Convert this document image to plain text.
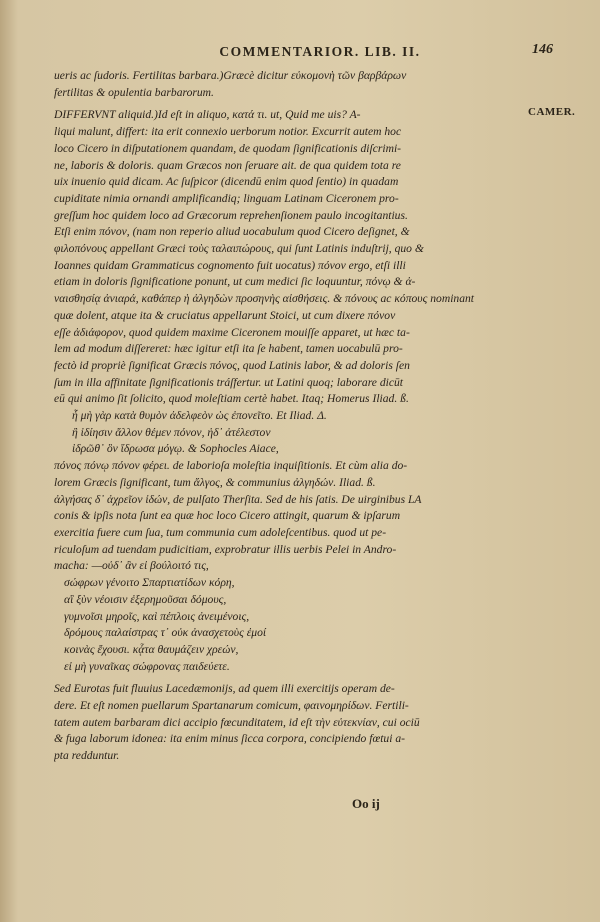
COMMENTARIOR. LIB. II.	146
CAMER.
ueris ac ſudoris. Fertilitas barbara.)Græcè dicitur εὐκομονὴ τῶν βαρβάρων
fertilitas & opulentia barbarorum.
DIFFERVNT aliquid.)Id eſt in aliquo, κατά τι. ut, Quid me uis? A-
liqui malunt, differt: ita erit connexio uerborum notior. Excurrit autem hoc
loco Cicero in diſputationem quandam, de quodam ſignificationis diſcrimi-
ne, laboris & doloris. quam Græcos non ſeruare ait. de qua quidem tota re
uix inuenio quid dicam. Ac ſuſpicor (dicendū enim quod ſentio) in quadam
cupiditate nimia ornandi amplificandiq; linguam Latinam Ciceronem pro-
greſſum hoc quidem loco ad Græcorum reprehenſionem paulo incogitantius.
Etſi enim πόνον, (nam non reperio aliud uocabulum quod Cicero deſignet, &
φιλοπόνους appellant Græci τοὺς ταλαιπώρους, qui ſunt Latinis induſtrij, quo &
Ioannes quidam Grammaticus cognomento fuit uocatus) πόνον ergo, etſi illi
etiam in doloris ſignificatione ponunt, ut cum medici ſic loquuntur, πόνῳ & ἀ-
ναισθησίᾳ ἀνιαρά, καθάπερ ἡ ἀλγηδὼν προσηνὴς αἰσθήσεις. & πόνους ac κόπους nominant
quæ dolent, atque ita & cruciatus appellarunt Stoici, ut cum dixere πόνον
eſſe ἀδιάφορον, quod quidem maxime Ciceronem mouiſſe apparet, ut hæc ta-
lem ad modum diſſereret: hæc igitur etſi ita ſe habent, tamen uocabulū pro-
fectò id propriè ſignificat Græcis πόνος, quod Latinis labor, & ad doloris ſen
ſum in illa affinitate ſignificationis tráſfertur. ut Latini quoq; laborare dicūt
eū qui animo ſit ſolicito, quod moleſtiam certè habet. Itaq; Homerus Iliad. ß.
ἦ μὴ γὰρ κατὰ θυμὸν ἀδελφεὸν ὡς ἐπονεῖτο. Et Iliad. Δ.
ἢ ἱδίησιν ἄλλον θέμεν πόνον, ἠδ᾽ ἀτέλεστον
ἱδρῶθ᾽ ὃν ἵδρωσα μόγῳ. & Sophocles Aiace,
πόνος πόνῳ πόνον φέρει. de laborioſa moleſtia inquiſitionis. Et cùm alia do-
lorem Græcis ſignificant, tum ἄλγος, & communius ἀλγηδών. Iliad. ß.
ἀλγήσας δ᾽ ἀχρεῖον ἰδών, de pulſato Therſita. Sed de his ſatis. De uirginibus LA
conis & ipſis nota ſunt ea quæ hoc loco Cicero attingit, quarum & ipſarum
exercitia fuere cum ſua, tum communia cum adoleſcentibus. quod ut pe-
riculoſum ad tuendam pudicitiam, exprobratur illis uerbis Pelei in Andro-
macha: —οὐδ᾽ ἂν εἰ βούλοιτό τις,
σώφρων γένοιτο Σπαρτιατίδων κόρη,
αἳ ξὺν νέοισιν ἐξερημοῦσαι δόμους,
γυμνοῖσι μηροῖς, καὶ πέπλοις ἀνειμένοις,
δρόμους παλαίστρας τ᾽ οὐκ ἀνασχετοὺς ἐμοί
κοινὰς ἔχουσι. κᾆτα θαυμάζειν χρεών,
εἰ μὴ γυναῖκας σώφρονας παιδεύετε.
Sed Eurotas fuit fluuius Lacedæmonijs, ad quem illi exercitijs operam de-
dere. Et eſt nomen puellarum Spartanarum comicum, φαινομηρίδων. Fertili-
tatem autem barbaram dici accipio fœcunditatem, id eſt τὴν εὐτεκνίαν, cui ociū
& fuga laborum idonea: ita enim minus ſicca corpora, concipiendo fœtui a-
pta redduntur.
Oo ij
